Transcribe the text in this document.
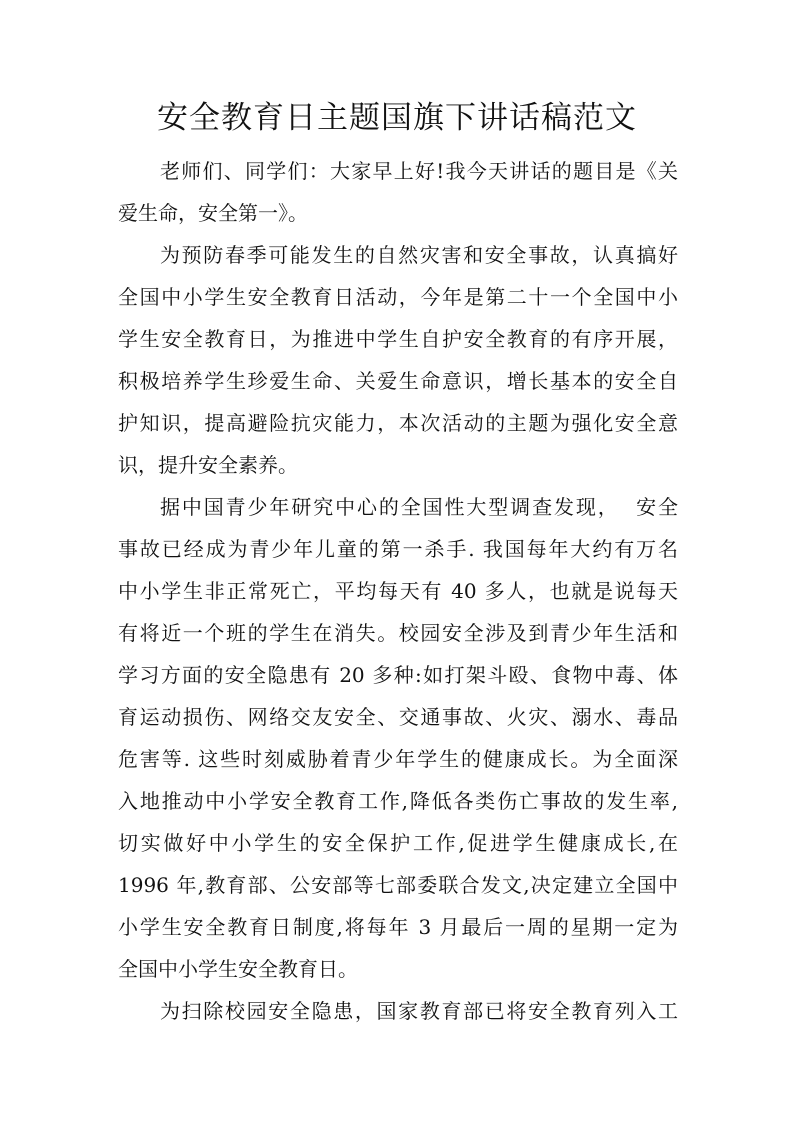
安全教育日主题国旗下讲话稿范文
老师们、同学们：大家早上好!我今天讲话的题目是《关
爱生命，安全第一》。
为预防春季可能发生的自然灾害和安全事故，认真搞好
全国中小学生安全教育日活动，今年是第二十一个全国中小
学生安全教育日，为推进中学生自护安全教育的有序开展，
积极培养学生珍爱生命、关爱生命意识，增长基本的安全自
护知识，提高避险抗灾能力，本次活动的主题为强化安全意
识，提升安全素养。
据中国青少年研究中心的全国性大型调查发现，  安全
事故已经成为青少年儿童的第一杀手. 我国每年大约有万名
中小学生非正常死亡，平均每天有 40 多人，也就是说每天
有将近一个班的学生在消失。校园安全涉及到青少年生活和
学习方面的安全隐患有 20 多种:如打架斗殴、食物中毒、体
育运动损伤、网络交友安全、交通事故、火灾、溺水、毒品
危害等. 这些时刻威胁着青少年学生的健康成长。为全面深
入地推动中小学安全教育工作,降低各类伤亡事故的发生率,
切实做好中小学生的安全保护工作,促进学生健康成长,在
1996 年,教育部、公安部等七部委联合发文,决定建立全国中
小学生安全教育日制度,将每年 3 月最后一周的星期一定为
全国中小学生安全教育日。
为扫除校园安全隐患，国家教育部已将安全教育列入工
